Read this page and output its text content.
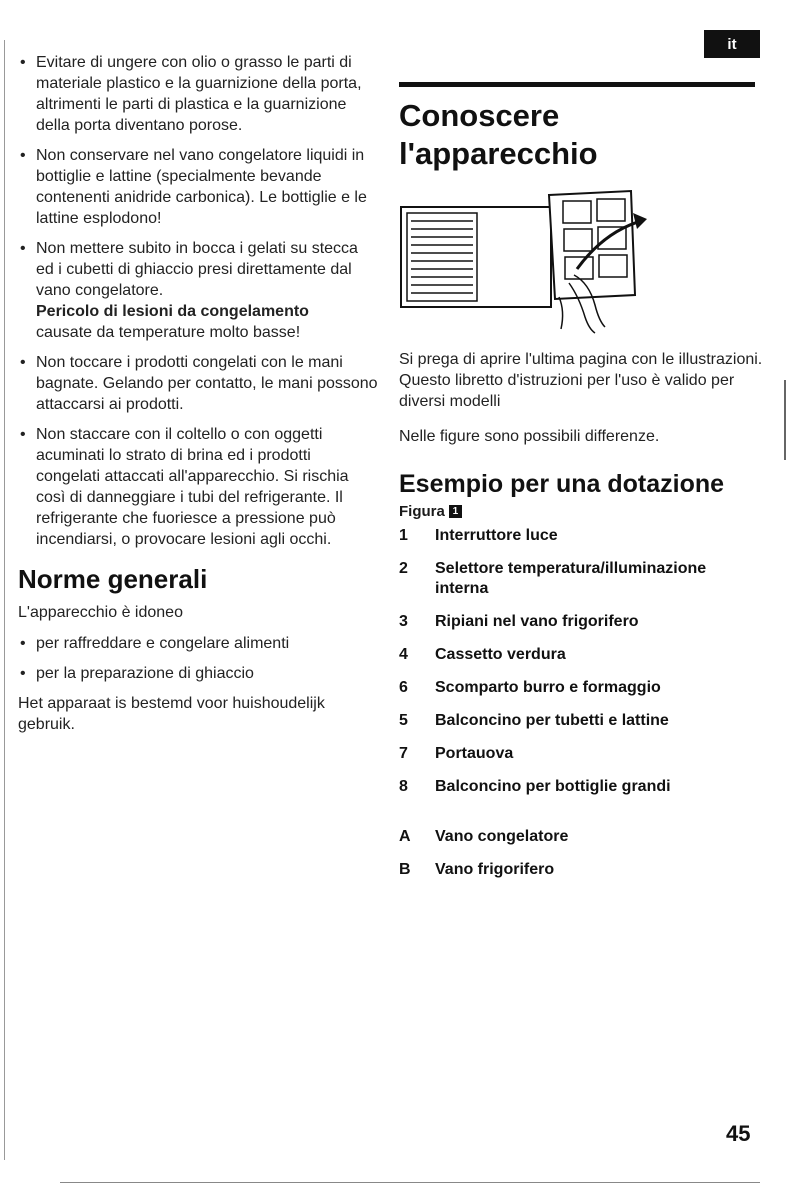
it
• Evitare di ungere con olio o grasso le parti di materiale plastico e la guarnizione della porta, altrimenti le parti di plastica e la guarnizione della porta diventano porose.
• Non conservare nel vano congelatore liquidi in bottiglie e lattine (specialmente bevande contenenti anidride carbonica). Le bottiglie e le lattine esplodono!
• Non mettere subito in bocca i gelati su stecca ed i cubetti di ghiaccio presi direttamente dal vano congelatore.
Pericolo di lesioni da congelamento
causate da temperature molto basse!
• Non toccare i prodotti congelati con le mani bagnate. Gelando per contatto, le mani possono attaccarsi ai prodotti.
• Non staccare con il coltello o con oggetti acuminati lo strato di brina ed i prodotti congelati attaccati all'apparecchio. Si rischia così di danneggiare i tubi del refrigerante. Il refrigerante che fuoriesce a pressione può incendiarsi, o provocare lesioni agli occhi.
Norme generali

L'apparecchio è idoneo

• per raffreddare e congelare alimenti
• per la preparazione di ghiaccio

Het apparaat is bestemd voor huishoudelijk gebruik.

Conoscere l'apparecchio

Si prega di aprire l'ultima pagina con le illustrazioni. Questo libretto d'istruzioni per l'uso è valido per diversi modelli

Nelle figure sono possibili differenze.

Esempio per una dotazione
Figura 1
1	Interruttore luce
2	Selettore temperatura/illuminazione interna
3	Ripiani nel vano frigorifero
4	Cassetto verdura
6	Scomparto burro e formaggio
5	Balconcino per tubetti e lattine
7	Portauova
8	Balconcino per bottiglie grandi
A	Vano congelatore
B	Vano frigorifero
45
